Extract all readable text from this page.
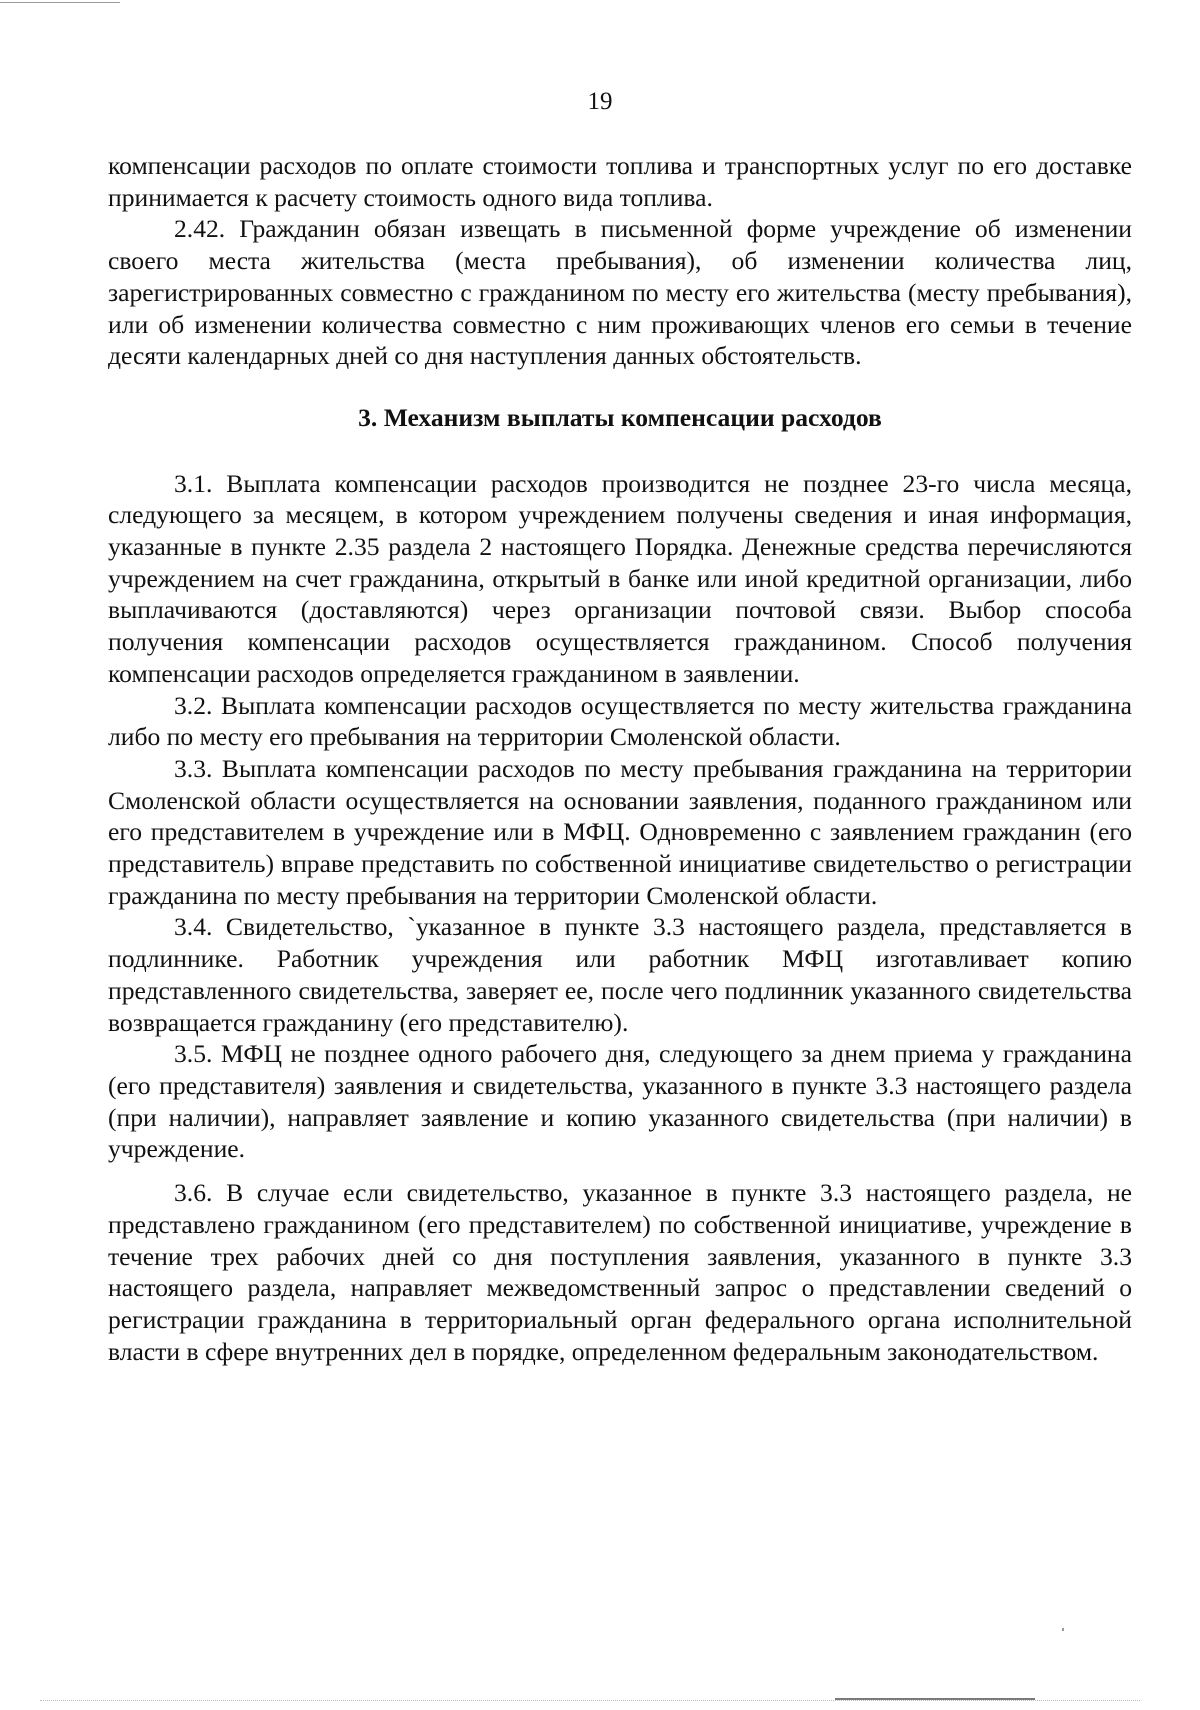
19

компенсации расходов по оплате стоимости топлива и транспортных услуг по его доставке принимается к расчету стоимость одного вида топлива.

2.42. Гражданин обязан извещать в письменной форме учреждение об изменении своего места жительства (места пребывания), об изменении количества лиц, зарегистрированных совместно с гражданином по месту его жительства (месту пребывания), или об изменении количества совместно с ним проживающих членов его семьи в течение десяти календарных дней со дня наступления данных обстоятельств.

3. Механизм выплаты компенсации расходов

3.1. Выплата компенсации расходов производится не позднее 23-го числа месяца, следующего за месяцем, в котором учреждением получены сведения и иная информация, указанные в пункте 2.35 раздела 2 настоящего Порядка. Денежные средства перечисляются учреждением на счет гражданина, открытый в банке или иной кредитной организации, либо выплачиваются (доставляются) через организации почтовой связи. Выбор способа получения компенсации расходов осуществляется гражданином. Способ получения компенсации расходов определяется гражданином в заявлении.

3.2. Выплата компенсации расходов осуществляется по месту жительства гражданина либо по месту его пребывания на территории Смоленской области.

3.3. Выплата компенсации расходов по месту пребывания гражданина на территории Смоленской области осуществляется на основании заявления, поданного гражданином или его представителем в учреждение или в МФЦ. Одновременно с заявлением гражданин (его представитель) вправе представить по собственной инициативе свидетельство о регистрации гражданина по месту пребывания на территории Смоленской области.

3.4. Свидетельство, `указанное в пункте 3.3 настоящего раздела, представляется в подлиннике. Работник учреждения или работник МФЦ изготавливает копию представленного свидетельства, заверяет ее, после чего подлинник указанного свидетельства возвращается гражданину (его представителю).

3.5. МФЦ не позднее одного рабочего дня, следующего за днем приема у гражданина (его представителя) заявления и свидетельства, указанного в пункте 3.3 настоящего раздела (при наличии), направляет заявление и копию указанного свидетельства (при наличии) в учреждение.

3.6. В случае если свидетельство, указанное в пункте 3.3 настоящего раздела, не представлено гражданином (его представителем) по собственной инициативе, учреждение в течение трех рабочих дней со дня поступления заявления, указанного в пункте 3.3 настоящего раздела, направляет межведомственный запрос о представлении сведений о регистрации гражданина в территориальный орган федерального органа исполнительной власти в сфере внутренних дел в порядке, определенном федеральным законодательством.
